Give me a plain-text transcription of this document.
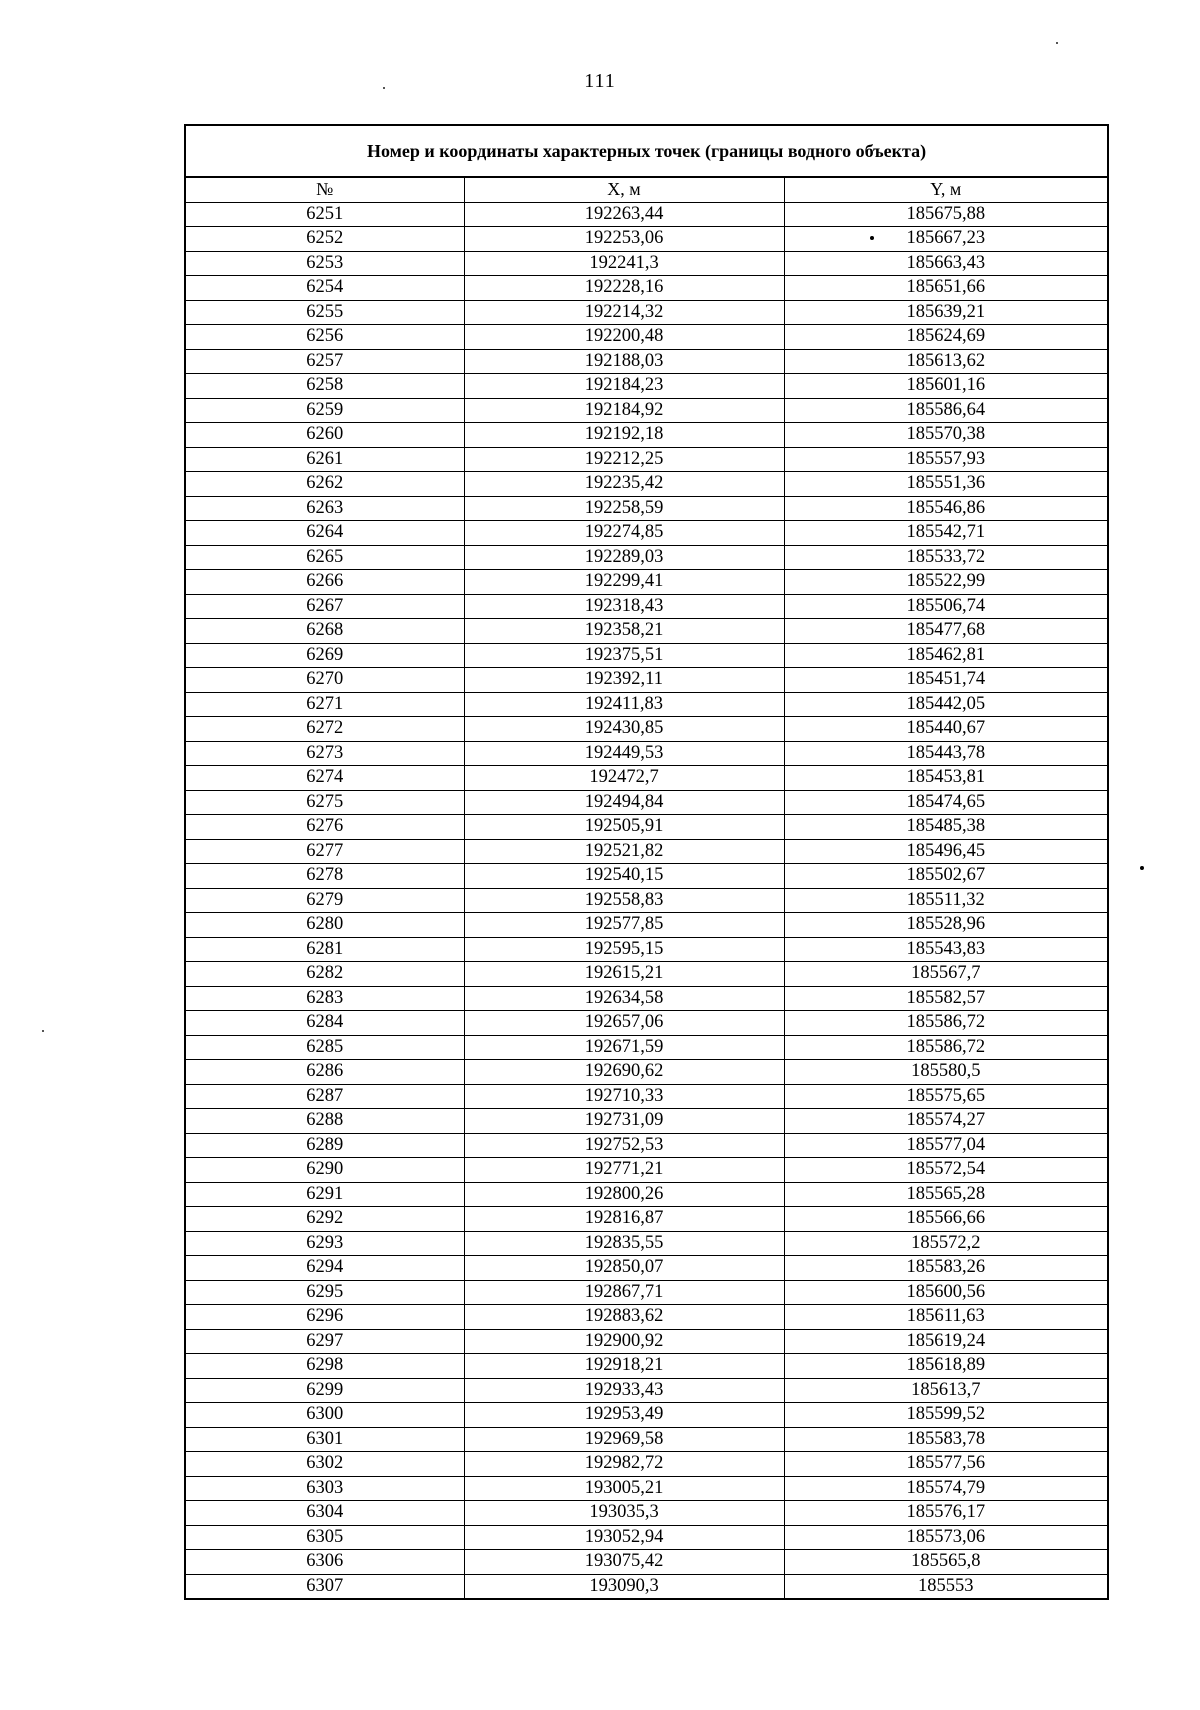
111
Номер и координаты характерных точек (границы водного объекта)
№	X, м	Y, м
6251	192263,44	185675,88
6252	192253,06	185667,23
6253	192241,3	185663,43
6254	192228,16	185651,66
6255	192214,32	185639,21
6256	192200,48	185624,69
6257	192188,03	185613,62
6258	192184,23	185601,16
6259	192184,92	185586,64
6260	192192,18	185570,38
6261	192212,25	185557,93
6262	192235,42	185551,36
6263	192258,59	185546,86
6264	192274,85	185542,71
6265	192289,03	185533,72
6266	192299,41	185522,99
6267	192318,43	185506,74
6268	192358,21	185477,68
6269	192375,51	185462,81
6270	192392,11	185451,74
6271	192411,83	185442,05
6272	192430,85	185440,67
6273	192449,53	185443,78
6274	192472,7	185453,81
6275	192494,84	185474,65
6276	192505,91	185485,38
6277	192521,82	185496,45
6278	192540,15	185502,67
6279	192558,83	185511,32
6280	192577,85	185528,96
6281	192595,15	185543,83
6282	192615,21	185567,7
6283	192634,58	185582,57
6284	192657,06	185586,72
6285	192671,59	185586,72
6286	192690,62	185580,5
6287	192710,33	185575,65
6288	192731,09	185574,27
6289	192752,53	185577,04
6290	192771,21	185572,54
6291	192800,26	185565,28
6292	192816,87	185566,66
6293	192835,55	185572,2
6294	192850,07	185583,26
6295	192867,71	185600,56
6296	192883,62	185611,63
6297	192900,92	185619,24
6298	192918,21	185618,89
6299	192933,43	185613,7
6300	192953,49	185599,52
6301	192969,58	185583,78
6302	192982,72	185577,56
6303	193005,21	185574,79
6304	193035,3	185576,17
6305	193052,94	185573,06
6306	193075,42	185565,8
6307	193090,3	185553
